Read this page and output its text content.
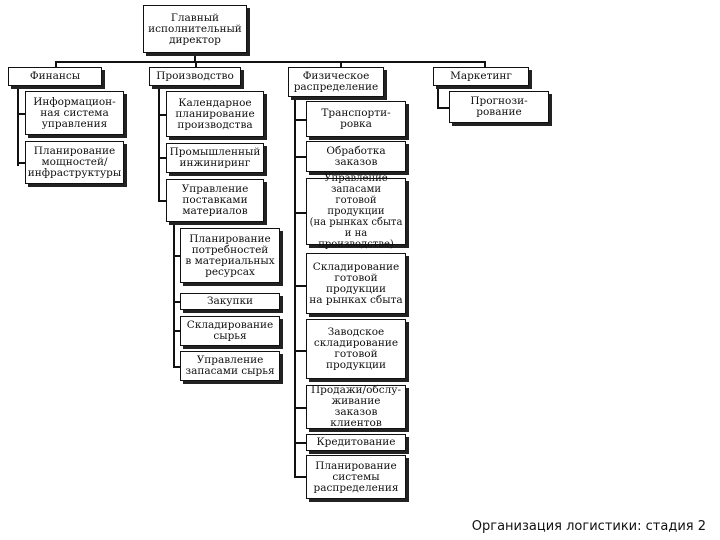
Главный
исполнительный
директор
Финансы	Производство	Физическое
распределение
Маркетинг
Информацион-
ная система
управления
Планирование
мощностей/
инфраструктуры
Календарное
планирование
производства
Промышленный
инжиниринг
Управление
поставками
материалов
Планирование
потребностей
в материальных
ресурсах
Закупки
Складирование
сырья
Управление
запасами сырья
Транспорти-
ровка
Обработка
заказов
Управление
запасами готовой
продукции
(на рынках сбыта
и на производстве)
Складирование
готовой
продукции
на рынках сбыта
Заводское
складирование
готовой
продукции
Продажи/обслу-
живание
заказов клиентов
Кредитование
Планирование
системы
распределения
Прогнози-
рование
Организация логистики: стадия 2
